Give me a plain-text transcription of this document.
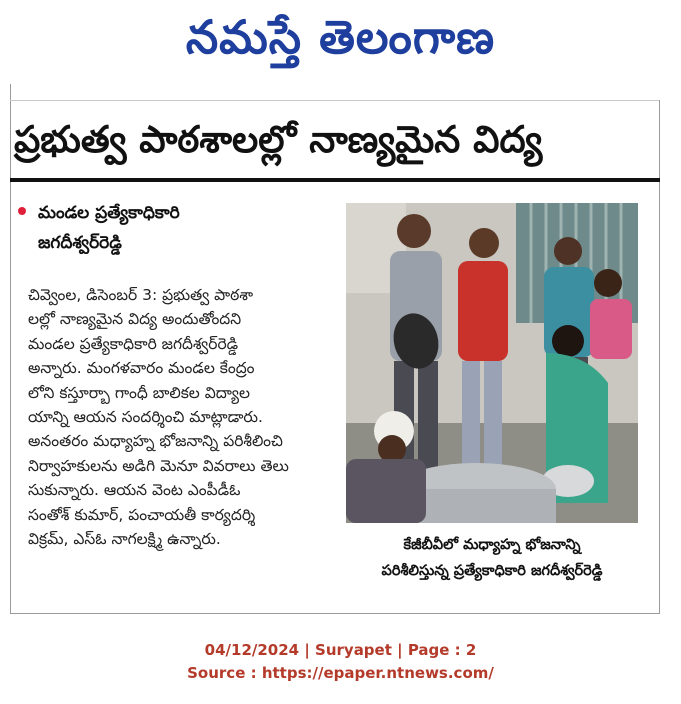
నమస్తే తెలంగాణ
ప్రభుత్వ పాఠశాలల్లో నాణ్యమైన విద్య
మండల ప్రత్యేకాధికారి
జగదీశ్వర్‌రెడ్డి
చివ్వెంల, డిసెంబర్ 3: ప్రభుత్వ పాఠశా
లల్లో నాణ్యమైన విద్య అందుతోందని
మండల ప్రత్యేకాధికారి జగదీశ్వర్‌రెడ్డి
అన్నారు. మంగళవారం మండల కేంద్రం
లోని కస్తూర్బా గాంధీ బాలికల విద్యాల
యాన్ని ఆయన సందర్శించి మాట్లాడారు.
అనంతరం మధ్యాహ్న భోజనాన్ని పరిశీలించి
నిర్వాహకులను అడిగి మెనూ వివరాలు తెలు
సుకున్నారు. ఆయన వెంట ఎంపీడీఓ
సంతోశ్ కుమార్, పంచాయతీ కార్యదర్శి
విక్రమ్, ఎస్ఓ నాగలక్ష్మి ఉన్నారు.	కేజీబీవీలో మధ్యాహ్న భోజనాన్ని
పరిశీలిస్తున్న ప్రత్యేకాధికారి జగదీశ్వర్‌రెడ్డి
04/12/2024 | Suryapet | Page : 2
Source : https://epaper.ntnews.com/
